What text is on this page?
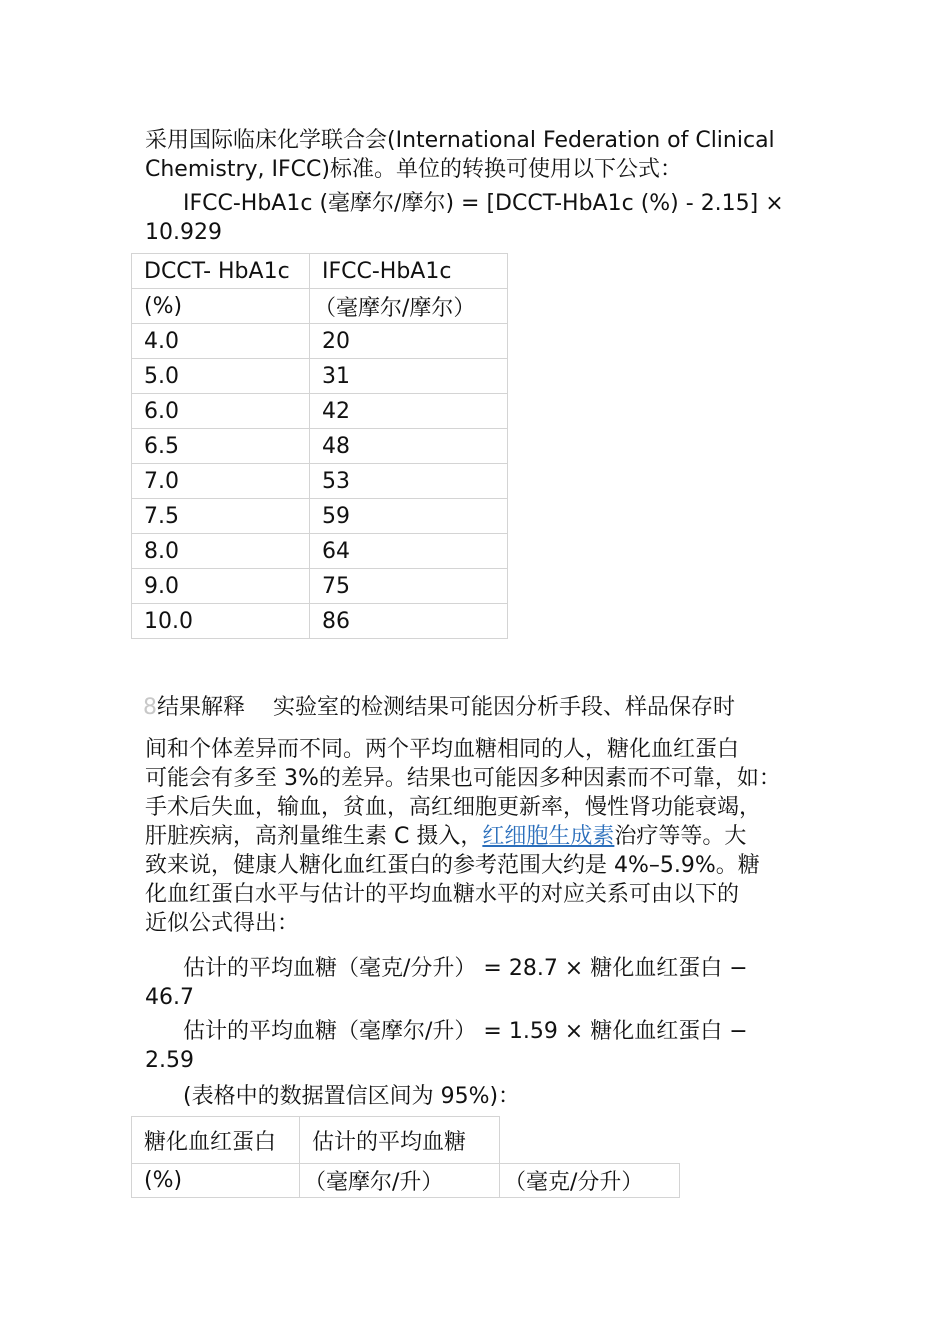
采用国际临床化学联合会(International Federation of Clinical
Chemistry, IFCC)标准。单位的转换可使用以下公式：

IFCC-HbA1c (毫摩尔/摩尔) = [DCCT-HbA1c (%) - 2.15] ×
10.929

DCCT- HbA1c	IFCC-HbA1c
(%)	（毫摩尔/摩尔）
4.0	20
5.0	31
6.0	42
6.5	48
7.0	53
7.5	59
8.0	64
9.0	75
10.0	86

8结果解释 实验室的检测结果可能因分析手段、样品保存时

间和个体差异而不同。两个平均血糖相同的人，糖化血红蛋白
可能会有多至 3%的差异。结果也可能因多种因素而不可靠，如：
手术后失血，输血，贫血，高红细胞更新率，慢性肾功能衰竭，
肝脏疾病，高剂量维生素 C 摄入，红细胞生成素治疗等等。大
致来说，健康人糖化血红蛋白的参考范围大约是 4%–5.9%。糖
化血红蛋白水平与估计的平均血糖水平的对应关系可由以下的
近似公式得出：

估计的平均血糖（毫克/分升） = 28.7 × 糖化血红蛋白 −
46.7

估计的平均血糖（毫摩尔/升） = 1.59 × 糖化血红蛋白 −
2.59

(表格中的数据置信区间为 95%)：

糖化血红蛋白	估计的平均血糖	
(%)	（毫摩尔/升）	（毫克/分升）
